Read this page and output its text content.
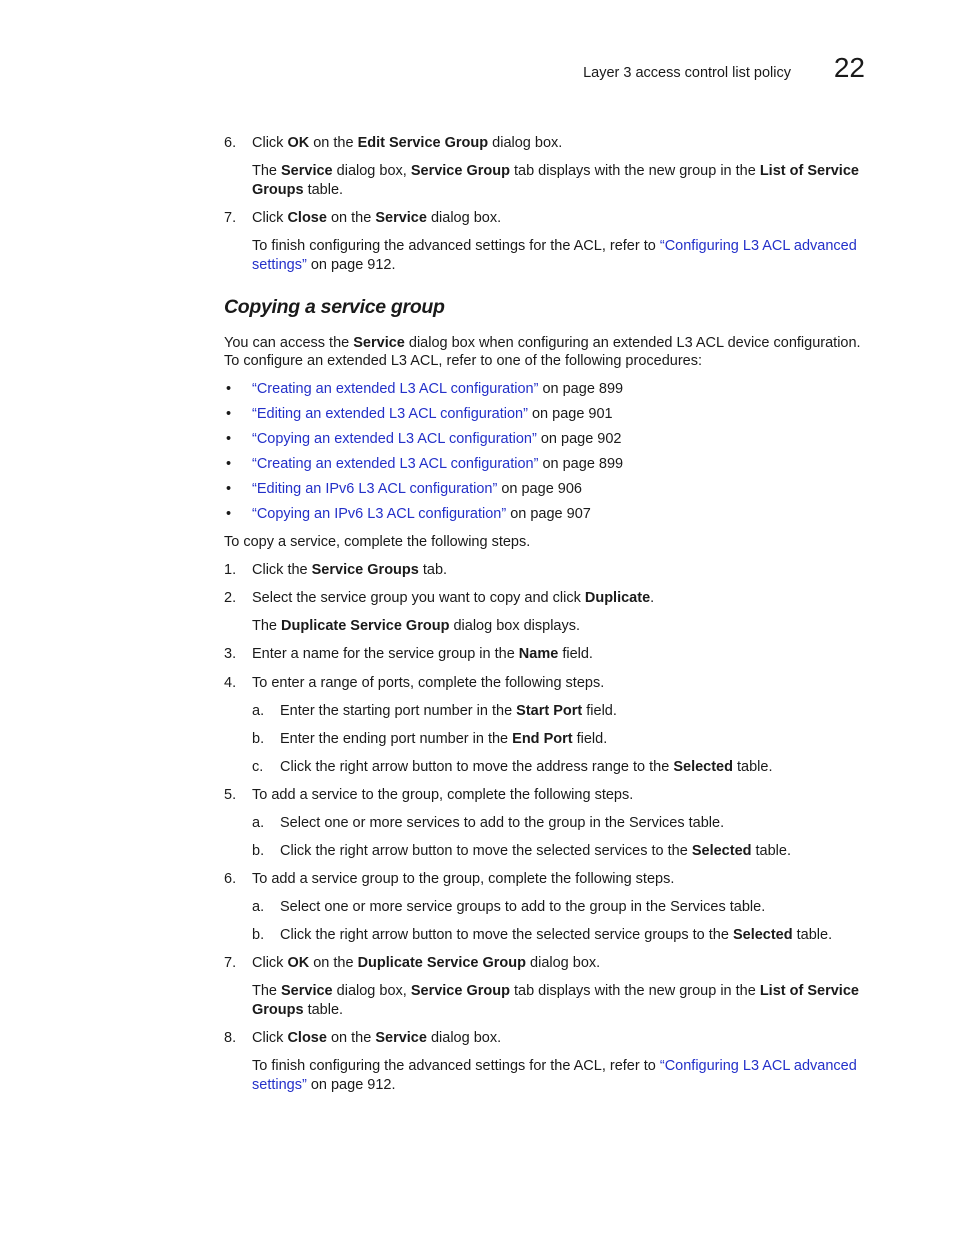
Layer 3 access control list policy 22
6. Click OK on the Edit Service Group dialog box.
The Service dialog box, Service Group tab displays with the new group in the List of Service
Groups table.
7. Click Close on the Service dialog box.
To finish configuring the advanced settings for the ACL, refer to “Configuring L3 ACL advanced
settings” on page 912.
Copying a service group
You can access the Service dialog box when configuring an extended L3 ACL device configuration.
To configure an extended L3 ACL, refer to one of the following procedures:
• “Creating an extended L3 ACL configuration” on page 899
• “Editing an extended L3 ACL configuration” on page 901
• “Copying an extended L3 ACL configuration” on page 902
• “Creating an extended L3 ACL configuration” on page 899
• “Editing an IPv6 L3 ACL configuration” on page 906
• “Copying an IPv6 L3 ACL configuration” on page 907
To copy a service, complete the following steps.
1. Click the Service Groups tab.
2. Select the service group you want to copy and click Duplicate.
The Duplicate Service Group dialog box displays.
3. Enter a name for the service group in the Name field.
4. To enter a range of ports, complete the following steps.
a. Enter the starting port number in the Start Port field.
b. Enter the ending port number in the End Port field.
c. Click the right arrow button to move the address range to the Selected table.
5. To add a service to the group, complete the following steps.
a. Select one or more services to add to the group in the Services table.
b. Click the right arrow button to move the selected services to the Selected table.
6. To add a service group to the group, complete the following steps.
a. Select one or more service groups to add to the group in the Services table.
b. Click the right arrow button to move the selected service groups to the Selected table.
7. Click OK on the Duplicate Service Group dialog box.
The Service dialog box, Service Group tab displays with the new group in the List of Service
Groups table.
8. Click Close on the Service dialog box.
To finish configuring the advanced settings for the ACL, refer to “Configuring L3 ACL advanced
settings” on page 912.
